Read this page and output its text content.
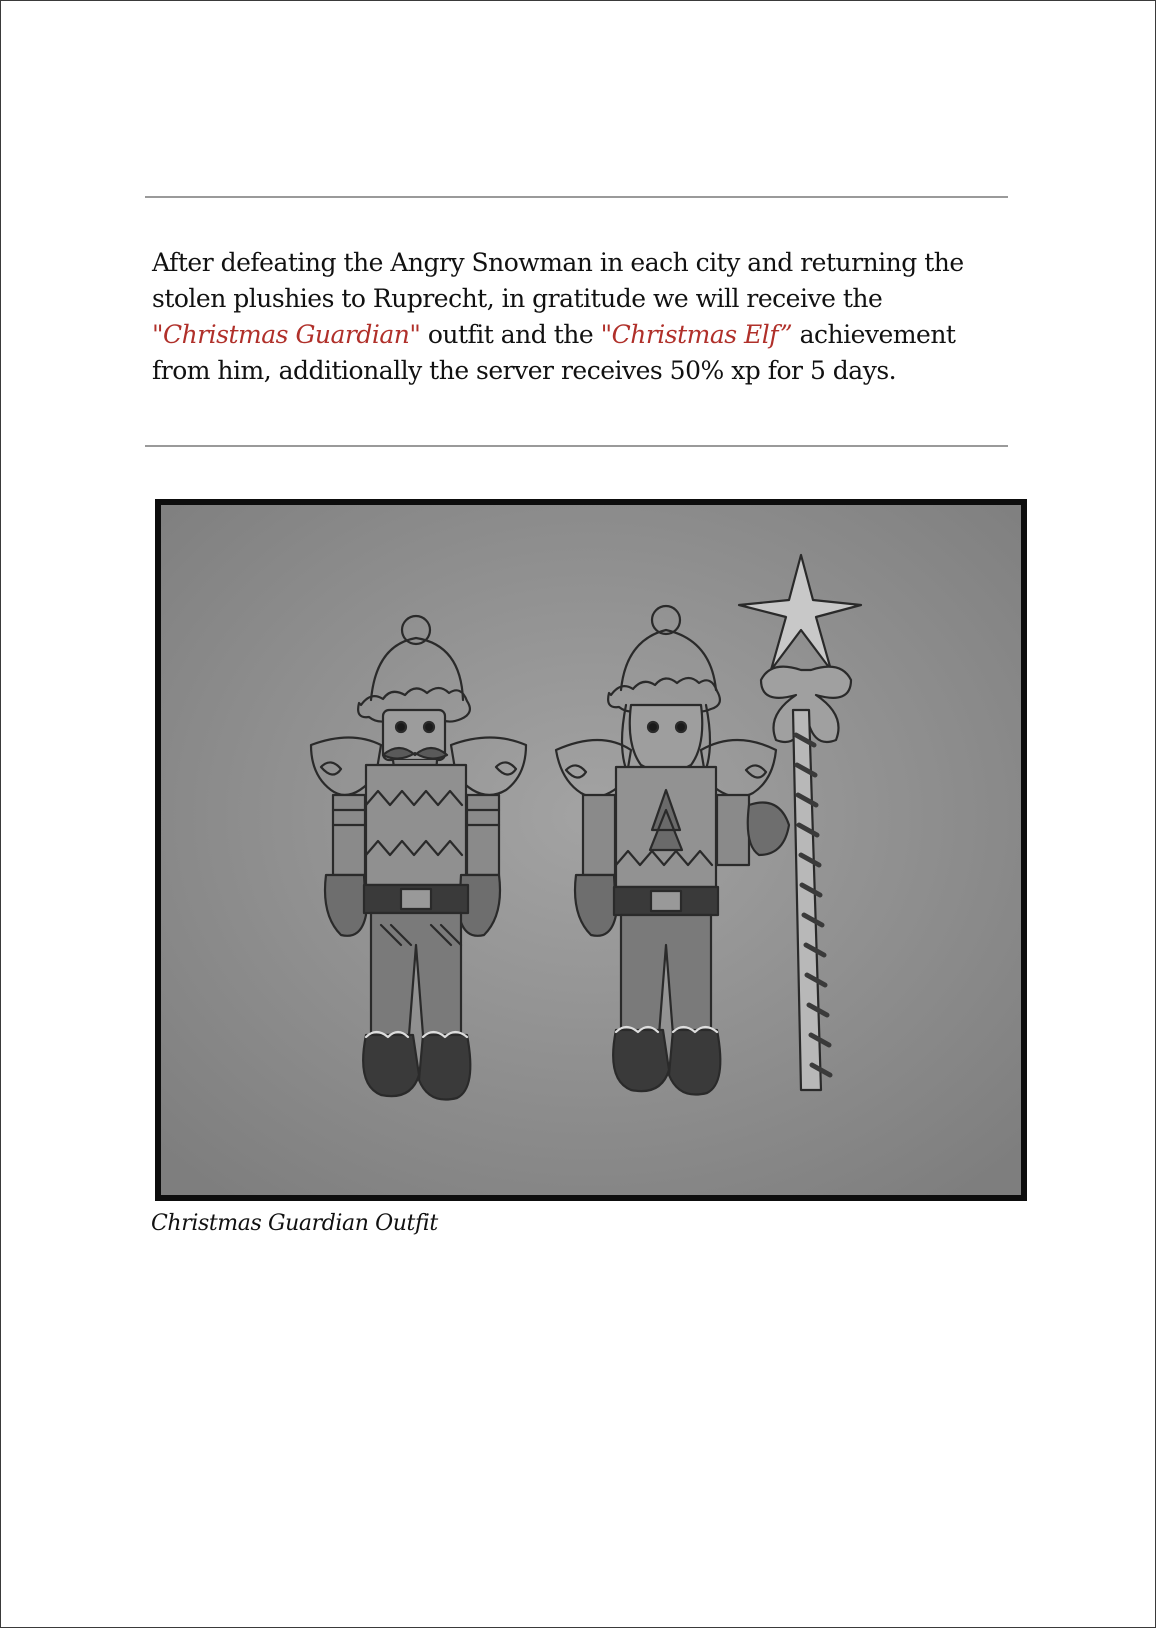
After defeating the Angry Snowman in each city and returning the stolen plushies to Ruprecht, in gratitude we will receive the "Christmas Guardian" outfit and the "Christmas Elf” achievement from him, additionally the server receives 50% xp for 5 days.

Christmas Guardian Outfit
